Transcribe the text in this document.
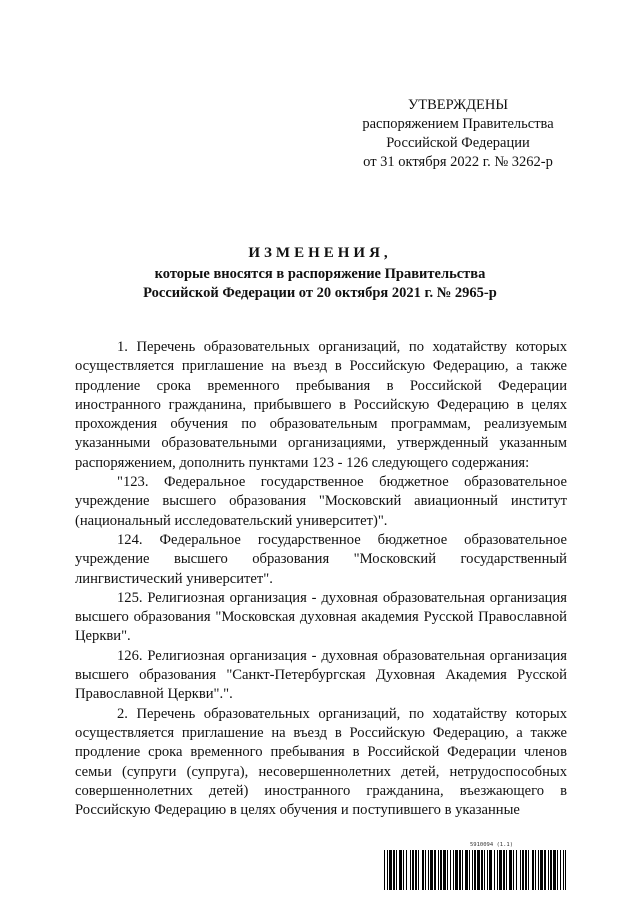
УТВЕРЖДЕНЫ
распоряжением Правительства
Российской Федерации
от 31 октября 2022 г. № 3262-р
ИЗМЕНЕНИЯ,
которые вносятся в распоряжение Правительства
Российской Федерации от 20 октября 2021 г. № 2965-р

1. Перечень образовательных организаций, по ходатайству которых осуществляется приглашение на въезд в Российскую Федерацию, а также продление срока временного пребывания в Российской Федерации иностранного гражданина, прибывшего в Российскую Федерацию в целях прохождения обучения по образовательным программам, реализуемым указанными образовательными организациями, утвержденный указанным распоряжением, дополнить пунктами 123 - 126 следующего содержания:

"123. Федеральное государственное бюджетное образовательное учреждение высшего образования "Московский авиационный институт (национальный исследовательский университет)".

124. Федеральное государственное бюджетное образовательное учреждение высшего образования "Московский государственный лингвистический университет".

125. Религиозная организация - духовная образовательная организация высшего образования "Московская духовная академия Русской Православной Церкви".

126. Религиозная организация - духовная образовательная организация высшего образования "Санкт-Петербургская Духовная Академия Русской Православной Церкви".".

2. Перечень образовательных организаций, по ходатайству которых осуществляется приглашение на въезд в Российскую Федерацию, а также продление срока временного пребывания в Российской Федерации членов семьи (супруги (супруга), несовершеннолетних детей, нетрудоспособных совершеннолетних детей) иностранного гражданина, въезжающего в Российскую Федерацию в целях обучения и поступившего в указанные

5910094 (1.1)
